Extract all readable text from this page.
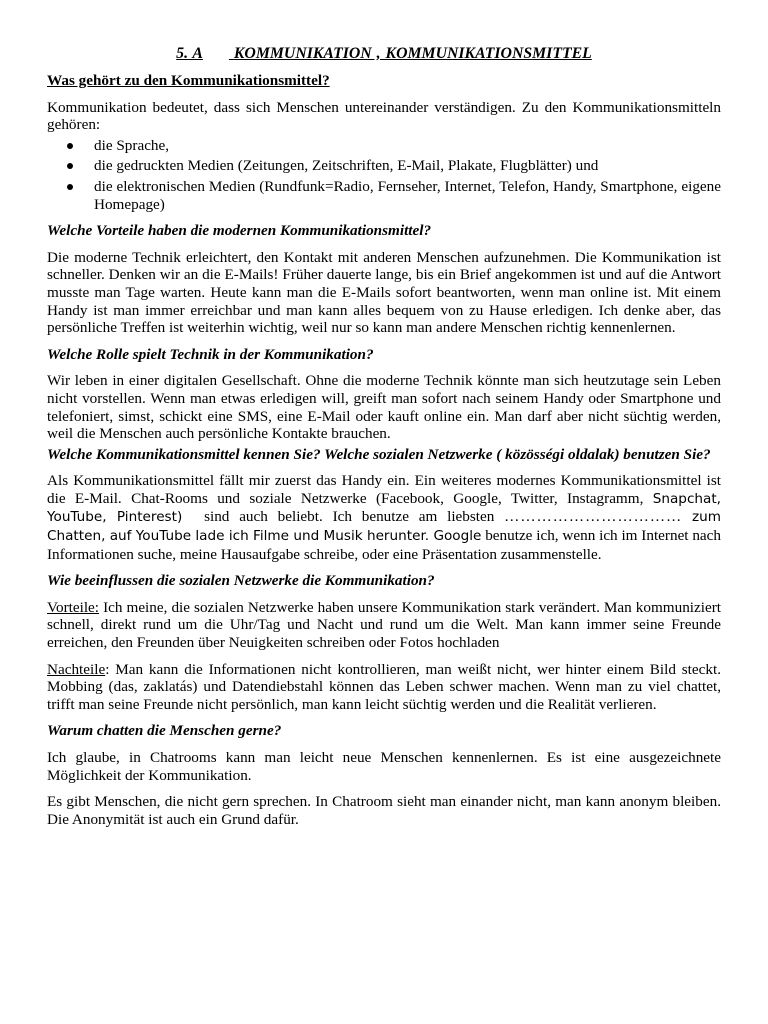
5. A KOMMUNIKATION , KOMMUNIKATIONSMITTEL
Was gehört zu den Kommunikationsmittel?

Kommunikation bedeutet, dass sich Menschen untereinander verständigen. Zu den Kommunikationsmitteln gehören:

die Sprache,
die gedruckten Medien (Zeitungen, Zeitschriften, E-Mail, Plakate, Flugblätter) und
die elektronischen Medien (Rundfunk=Radio, Fernseher, Internet, Telefon, Handy, Smartphone, eigene Homepage)
Welche Vorteile haben die modernen Kommunikationsmittel?

Die moderne Technik erleichtert, den Kontakt mit anderen Menschen aufzunehmen. Die Kommunikation ist schneller. Denken wir an die E-Mails! Früher dauerte lange, bis ein Brief angekommen ist und auf die Antwort musste man Tage warten. Heute kann man die E-Mails sofort beantworten, wenn man online ist. Mit einem Handy ist man immer erreichbar und man kann alles bequem von zu Hause erledigen. Ich denke aber, das persönliche Treffen ist weiterhin wichtig, weil nur so kann man andere Menschen richtig kennenlernen.

Welche Rolle spielt Technik in der Kommunikation?

Wir leben in einer digitalen Gesellschaft. Ohne die moderne Technik könnte man sich heutzutage sein Leben nicht vorstellen. Wenn man etwas erledigen will, greift man sofort nach seinem Handy oder Smartphone und telefoniert, simst, schickt eine SMS, eine E-Mail oder kauft online ein. Man darf aber nicht süchtig werden, weil die Menschen auch persönliche Kontakte brauchen.

Welche Kommunikationsmittel kennen Sie? Welche sozialen Netzwerke ( közösségi oldalak) benutzen Sie?

Als Kommunikationsmittel fällt mir zuerst das Handy ein. Ein weiteres modernes Kommunikationsmittel ist die E-Mail. Chat-Rooms und soziale Netzwerke (Facebook, Google, Twitter, Instagramm, Snapchat, YouTube, Pinterest) sind auch beliebt. Ich benutze am liebsten …………………………… zum Chatten, auf YouTube lade ich Filme und Musik herunter. Google benutze ich, wenn ich im Internet nach Informationen suche, meine Hausaufgabe schreibe, oder eine Präsentation zusammenstelle.

Wie beeinflussen die sozialen Netzwerke die Kommunikation?

Vorteile: Ich meine, die sozialen Netzwerke haben unsere Kommunikation stark verändert. Man kommuniziert schnell, direkt rund um die Uhr/Tag und Nacht und rund um die Welt. Man kann immer seine Freunde erreichen, den Freunden über Neuigkeiten schreiben oder Fotos hochladen

Nachteile: Man kann die Informationen nicht kontrollieren, man weißt nicht, wer hinter einem Bild steckt. Mobbing (das, zaklatás) und Datendiebstahl können das Leben schwer machen. Wenn man zu viel chattet, trifft man seine Freunde nicht persönlich, man kann leicht süchtig werden und die Realität verlieren.

Warum chatten die Menschen gerne?

Ich glaube, in Chatrooms kann man leicht neue Menschen kennenlernen. Es ist eine ausgezeichnete Möglichkeit der Kommunikation.

Es gibt Menschen, die nicht gern sprechen. In Chatroom sieht man einander nicht, man kann anonym bleiben. Die Anonymität ist auch ein Grund dafür.
